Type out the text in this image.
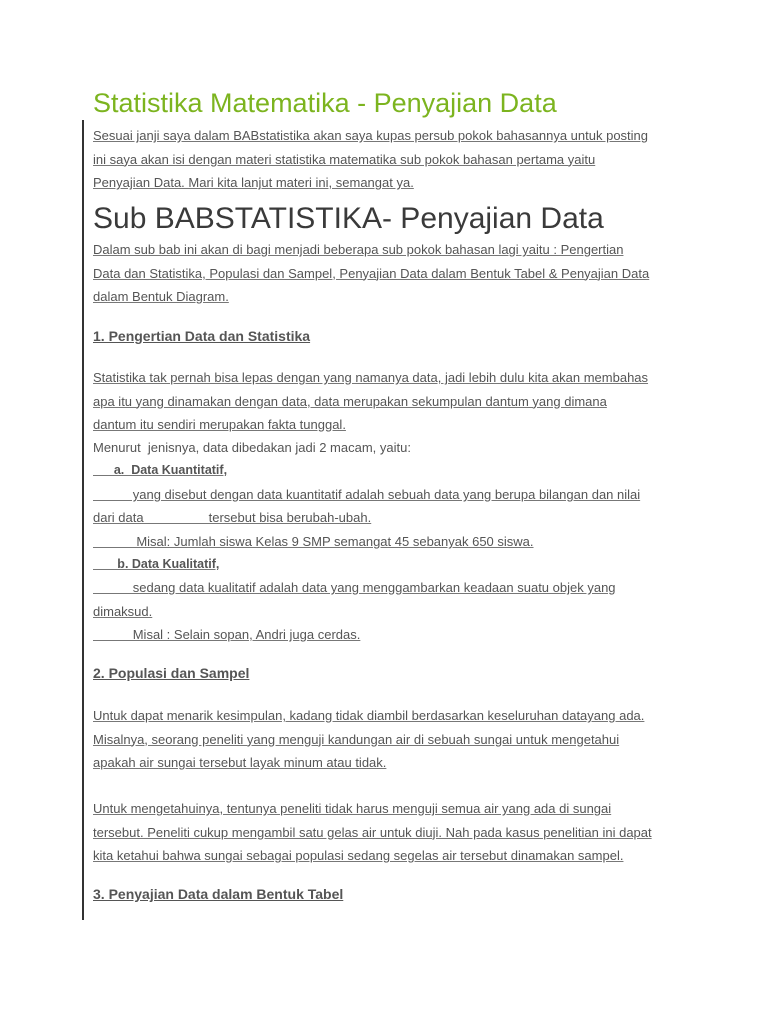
Statistika Matematika - Penyajian Data

Sesuai janji saya dalam BABstatistika akan saya kupas persub pokok bahasannya untuk posting
ini saya akan isi dengan materi statistika matematika sub pokok bahasan pertama yaitu
Penyajian Data. Mari kita lanjut materi ini, semangat ya.

Sub BABSTATISTIKA- Penyajian Data

Dalam sub bab ini akan di bagi menjadi beberapa sub pokok bahasan lagi yaitu : Pengertian
Data dan Statistika, Populasi dan Sampel, Penyajian Data dalam Bentuk Tabel & Penyajian Data
dalam Bentuk Diagram.

1. Pengertian Data dan Statistika

Statistika tak pernah bisa lepas dengan yang namanya data, jadi lebih dulu kita akan membahas
apa itu yang dinamakan dengan data, data merupakan sekumpulan dantum yang dimana
dantum itu sendiri merupakan fakta tunggal.

Menurut  jenisnya, data dibedakan jadi 2 macam, yaitu:

a.  Data Kuantitatif,

yang disebut dengan data kuantitatif adalah sebuah data yang berupa bilangan dan nilai

dari data                  tersebut bisa berubah-ubah.

Misal: Jumlah siswa Kelas 9 SMP semangat 45 sebanyak 650 siswa.

b. Data Kualitatif,

sedang data kualitatif adalah data yang menggambarkan keadaan suatu objek yang

dimaksud.

Misal : Selain sopan, Andri juga cerdas.

2. Populasi dan Sampel

Untuk dapat menarik kesimpulan, kadang tidak diambil berdasarkan keseluruhan datayang ada.
Misalnya, seorang peneliti yang menguji kandungan air di sebuah sungai untuk mengetahui
apakah air sungai tersebut layak minum atau tidak.

Untuk mengetahuinya, tentunya peneliti tidak harus menguji semua air yang ada di sungai
tersebut. Peneliti cukup mengambil satu gelas air untuk diuji. Nah pada kasus penelitian ini dapat
kita ketahui bahwa sungai sebagai populasi sedang segelas air tersebut dinamakan sampel.

3. Penyajian Data dalam Bentuk Tabel
